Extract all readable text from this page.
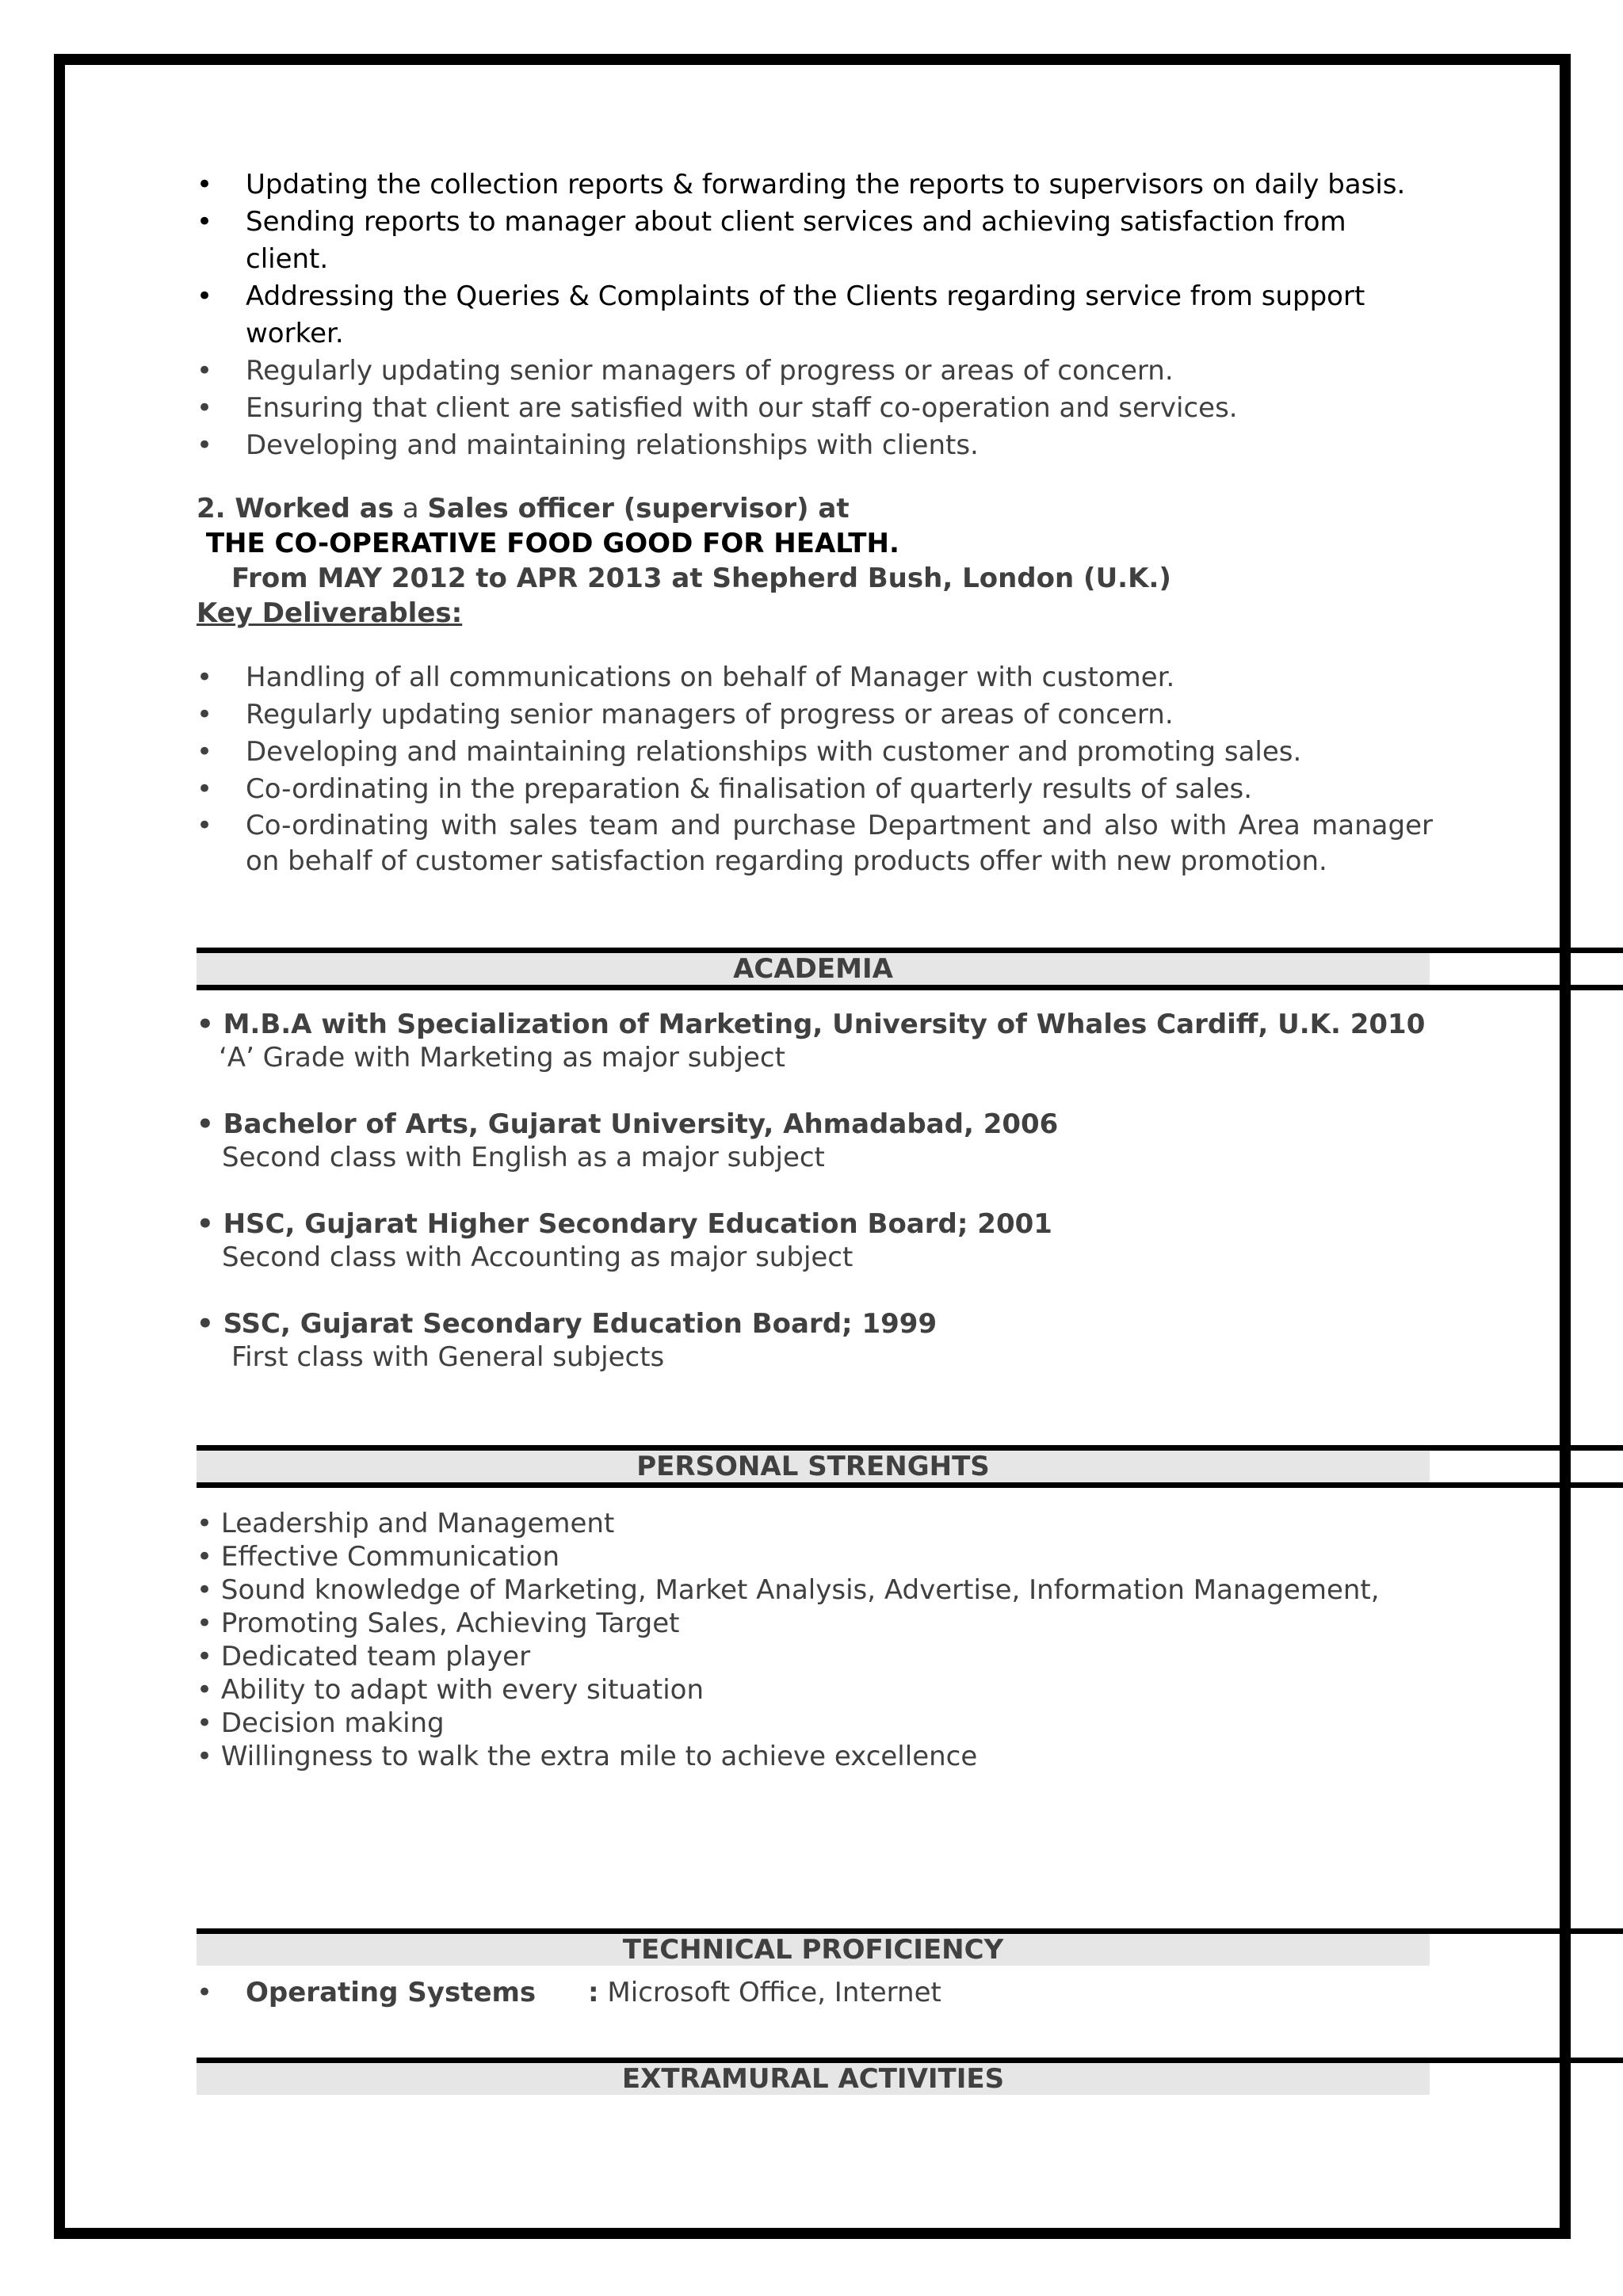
• Updating the collection reports & forwarding the reports to supervisors on daily basis.
• Sending reports to manager about client services and achieving satisfaction from client.
• Addressing the Queries & Complaints of the Clients regarding service from support worker.
• Regularly updating senior managers of progress or areas of concern.
• Ensuring that client are satisfied with our staff co-operation and services.
• Developing and maintaining relationships with clients.
2. Worked as a Sales officer (supervisor) at THE CO-OPERATIVE FOOD GOOD FOR HEALTH.
From MAY 2012 to APR 2013 at Shepherd Bush, London (U.K.)
Key Deliverables:
• Handling of all communications on behalf of Manager with customer.
• Regularly updating senior managers of progress or areas of concern.
• Developing and maintaining relationships with customer and promoting sales.
• Co-ordinating in the preparation & finalisation of quarterly results of sales.
• Co-ordinating with sales team and purchase Department and also with Area manager on behalf of customer satisfaction regarding products offer with new promotion.
ACADEMIA
• M.B.A with Specialization of Marketing, University of Whales Cardiff, U.K. 2010
‘A’ Grade with Marketing as major subject
• Bachelor of Arts, Gujarat University, Ahmadabad, 2006
Second class with English as a major subject
• HSC, Gujarat Higher Secondary Education Board; 2001
Second class with Accounting as major subject
• SSC, Gujarat Secondary Education Board; 1999
First class with General subjects
PERSONAL STRENGHTS
• Leadership and Management
• Effective Communication
• Sound knowledge of Marketing, Market Analysis, Advertise, Information Management,
• Promoting Sales, Achieving Target
• Dedicated team player
• Ability to adapt with every situation
• Decision making
• Willingness to walk the extra mile to achieve excellence
TECHNICAL PROFICIENCY
• Operating Systems : Microsoft Office, Internet
EXTRAMURAL ACTIVITIES
